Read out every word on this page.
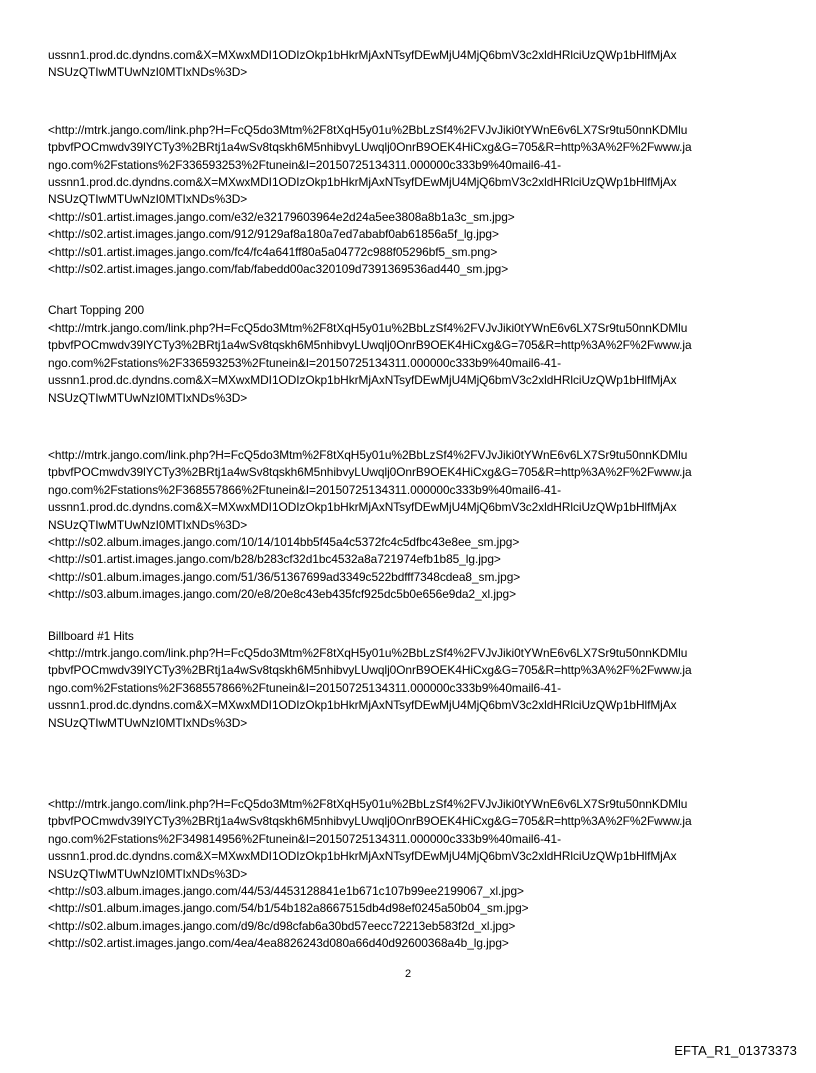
ussnn1.prod.dc.dyndns.com&X=MXwxMDI1ODIzOkp1bHkrMjAxNTsyfDEwMjU4MjQ6bmV3c2xldHRlciUzQWp1bHlfMjAx
NSUzQTIwMTUwNzI0MTIxNDs%3D>
<http://mtrk.jango.com/link.php?H=FcQ5do3Mtm%2F8tXqH5y01u%2BbLzSf4%2FVJvJiki0tYWnE6v6LX7Sr9tu50nnKDMlu
tpbvfPOCmwdv39lYCTy3%2BRtj1a4wSv8tqskh6M5nhibvyLUwqlj0OnrB9OEK4HiCxg&G=705&R=http%3A%2F%2Fwww.ja
ngo.com%2Fstations%2F336593253%2Ftunein&I=20150725134311.000000c333b9%40mail6-41-
ussnn1.prod.dc.dyndns.com&X=MXwxMDI1ODIzOkp1bHkrMjAxNTsyfDEwMjU4MjQ6bmV3c2xldHRlciUzQWp1bHlfMjAx
NSUzQTIwMTUwNzI0MTIxNDs%3D>
<http://s01.artist.images.jango.com/e32/e32179603964e2d24a5ee3808a8b1a3c_sm.jpg>
<http://s02.artist.images.jango.com/912/9129af8a180a7ed7ababf0ab61856a5f_lg.jpg>
<http://s01.artist.images.jango.com/fc4/fc4a641ff80a5a04772c988f05296bf5_sm.png>
<http://s02.artist.images.jango.com/fab/fabedd00ac320109d7391369536ad440_sm.jpg>
Chart Topping 200
<http://mtrk.jango.com/link.php?H=FcQ5do3Mtm%2F8tXqH5y01u%2BbLzSf4%2FVJvJiki0tYWnE6v6LX7Sr9tu50nnKDMlu
tpbvfPOCmwdv39lYCTy3%2BRtj1a4wSv8tqskh6M5nhibvyLUwqlj0OnrB9OEK4HiCxg&G=705&R=http%3A%2F%2Fwww.ja
ngo.com%2Fstations%2F336593253%2Ftunein&I=20150725134311.000000c333b9%40mail6-41-
ussnn1.prod.dc.dyndns.com&X=MXwxMDI1ODIzOkp1bHkrMjAxNTsyfDEwMjU4MjQ6bmV3c2xldHRlciUzQWp1bHlfMjAx
NSUzQTIwMTUwNzI0MTIxNDs%3D>
<http://mtrk.jango.com/link.php?H=FcQ5do3Mtm%2F8tXqH5y01u%2BbLzSf4%2FVJvJiki0tYWnE6v6LX7Sr9tu50nnKDMlu
tpbvfPOCmwdv39lYCTy3%2BRtj1a4wSv8tqskh6M5nhibvyLUwqlj0OnrB9OEK4HiCxg&G=705&R=http%3A%2F%2Fwww.ja
ngo.com%2Fstations%2F368557866%2Ftunein&I=20150725134311.000000c333b9%40mail6-41-
ussnn1.prod.dc.dyndns.com&X=MXwxMDI1ODIzOkp1bHkrMjAxNTsyfDEwMjU4MjQ6bmV3c2xldHRlciUzQWp1bHlfMjAx
NSUzQTIwMTUwNzI0MTIxNDs%3D>
<http://s02.album.images.jango.com/10/14/1014bb5f45a4c5372fc4c5dfbc43e8ee_sm.jpg>
<http://s01.artist.images.jango.com/b28/b283cf32d1bc4532a8a721974efb1b85_lg.jpg>
<http://s01.album.images.jango.com/51/36/51367699ad3349c522bdfff7348cdea8_sm.jpg>
<http://s03.album.images.jango.com/20/e8/20e8c43eb435fcf925dc5b0e656e9da2_xl.jpg>
Billboard #1 Hits
<http://mtrk.jango.com/link.php?H=FcQ5do3Mtm%2F8tXqH5y01u%2BbLzSf4%2FVJvJiki0tYWnE6v6LX7Sr9tu50nnKDMlu
tpbvfPOCmwdv39lYCTy3%2BRtj1a4wSv8tqskh6M5nhibvyLUwqlj0OnrB9OEK4HiCxg&G=705&R=http%3A%2F%2Fwww.ja
ngo.com%2Fstations%2F368557866%2Ftunein&I=20150725134311.000000c333b9%40mail6-41-
ussnn1.prod.dc.dyndns.com&X=MXwxMDI1ODIzOkp1bHkrMjAxNTsyfDEwMjU4MjQ6bmV3c2xldHRlciUzQWp1bHlfMjAx
NSUzQTIwMTUwNzI0MTIxNDs%3D>
<http://mtrk.jango.com/link.php?H=FcQ5do3Mtm%2F8tXqH5y01u%2BbLzSf4%2FVJvJiki0tYWnE6v6LX7Sr9tu50nnKDMlu
tpbvfPOCmwdv39lYCTy3%2BRtj1a4wSv8tqskh6M5nhibvyLUwqlj0OnrB9OEK4HiCxg&G=705&R=http%3A%2F%2Fwww.ja
ngo.com%2Fstations%2F349814956%2Ftunein&I=20150725134311.000000c333b9%40mail6-41-
ussnn1.prod.dc.dyndns.com&X=MXwxMDI1ODIzOkp1bHkrMjAxNTsyfDEwMjU4MjQ6bmV3c2xldHRlciUzQWp1bHlfMjAx
NSUzQTIwMTUwNzI0MTIxNDs%3D>
<http://s03.album.images.jango.com/44/53/4453128841e1b671c107b99ee2199067_xl.jpg>
<http://s01.album.images.jango.com/54/b1/54b182a8667515db4d98ef0245a50b04_sm.jpg>
<http://s02.album.images.jango.com/d9/8c/d98cfab6a30bd57eecc72213eb583f2d_xl.jpg>
<http://s02.artist.images.jango.com/4ea/4ea8826243d080a66d40d92600368a4b_lg.jpg>
2
EFTA_R1_01373373
